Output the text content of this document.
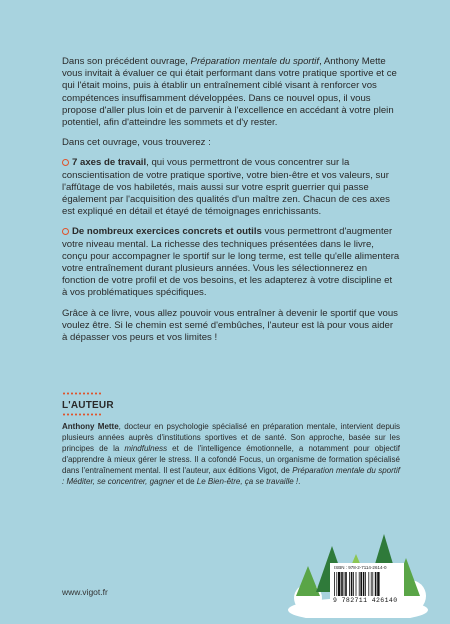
Dans son précédent ouvrage, Préparation mentale du sportif, Anthony Mette vous invitait à évaluer ce qui était performant dans votre pratique sportive et ce qui l'était moins, puis à établir un entraînement ciblé visant à renforcer vos compétences insuffisamment développées. Dans ce nouvel opus, il vous propose d'aller plus loin et de parvenir à l'excellence en accédant à votre plein potentiel, afin d'atteindre les sommets et d'y rester.

Dans cet ouvrage, vous trouverez :

7 axes de travail, qui vous permettront de vous concentrer sur la conscientisation de votre pratique sportive, votre bien-être et vos valeurs, sur l'affûtage de vos habiletés, mais aussi sur votre esprit guerrier qui passe également par l'acquisition des qualités d'un maître zen. Chacun de ces axes est expliqué en détail et étayé de témoignages enrichissants.

De nombreux exercices concrets et outils vous permettront d'augmenter votre niveau mental. La richesse des techniques présentées dans le livre, conçu pour accompagner le sportif sur le long terme, est telle qu'elle alimentera votre entraînement durant plusieurs années. Vous les sélectionnerez en fonction de votre profil et de vos besoins, et les adapterez à votre discipline et à vos problématiques spécifiques.

Grâce à ce livre, vous allez pouvoir vous entraîner à devenir le sportif que vous voulez être. Si le chemin est semé d'embûches, l'auteur est là pour vous aider à dépasser vos peurs et vos limites !

L'AUTEUR
Anthony Mette, docteur en psychologie spécialisé en préparation mentale, intervient depuis plusieurs années auprès d'institutions sportives et de santé. Son approche, basée sur les principes de la mindfulness et de l'intelligence émotionnelle, a notamment pour objectif d'apprendre à mieux gérer le stress. Il a cofondé Focus, un organisme de formation spécialisé dans l'entraînement mental. Il est l'auteur, aux éditions Vigot, de Préparation mentale du sportif : Méditer, se concentrer, gagner et de Le Bien-être, ça se travaille !.
ISBN : 978-2-7114-2614-0
9 782711 426140
www.vigot.fr
